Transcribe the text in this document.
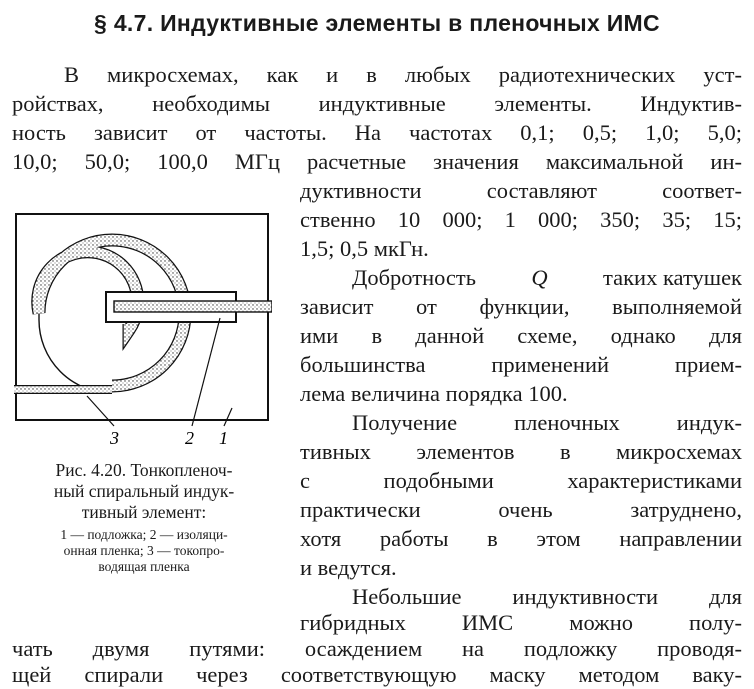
§ 4.7. Индуктивные элементы в пленочных ИМС
В микросхемах, как и в любых радиотехнических уст-
ройствах, необходимы индуктивные элементы. Индуктив-
ность зависит от частоты. На частотах 0,1; 0,5; 1,0; 5,0;
10,0; 50,0; 100,0 МГц расчетные значения максимальной ин-
дуктивности составляют соответ-
ственно 10 000; 1 000; 350; 35; 15;
1,5; 0,5 мкГн.
Добротность Q таких катушек
зависит от функции, выполняемой
ими в данной схеме, однако для
большинства применений прием-
лема величина порядка 100.
Получение пленочных индук-
тивных элементов в микросхемах
с подобными характеристиками
практически очень затруднено,
хотя работы в этом направлении
и ведутся.
Небольшие индуктивности для
гибридных ИМС можно полу-
чать двумя путями: осаждением на подложку проводя-
щей спирали через соответствующую маску методом ваку-
3	2 1
Рис. 4.20. Тонкопленоч-
ный спиральный индук-
тивный элемент:
1 — подложка; 2 — изоляци-
онная пленка; 3 — токопро-
водящая пленка
